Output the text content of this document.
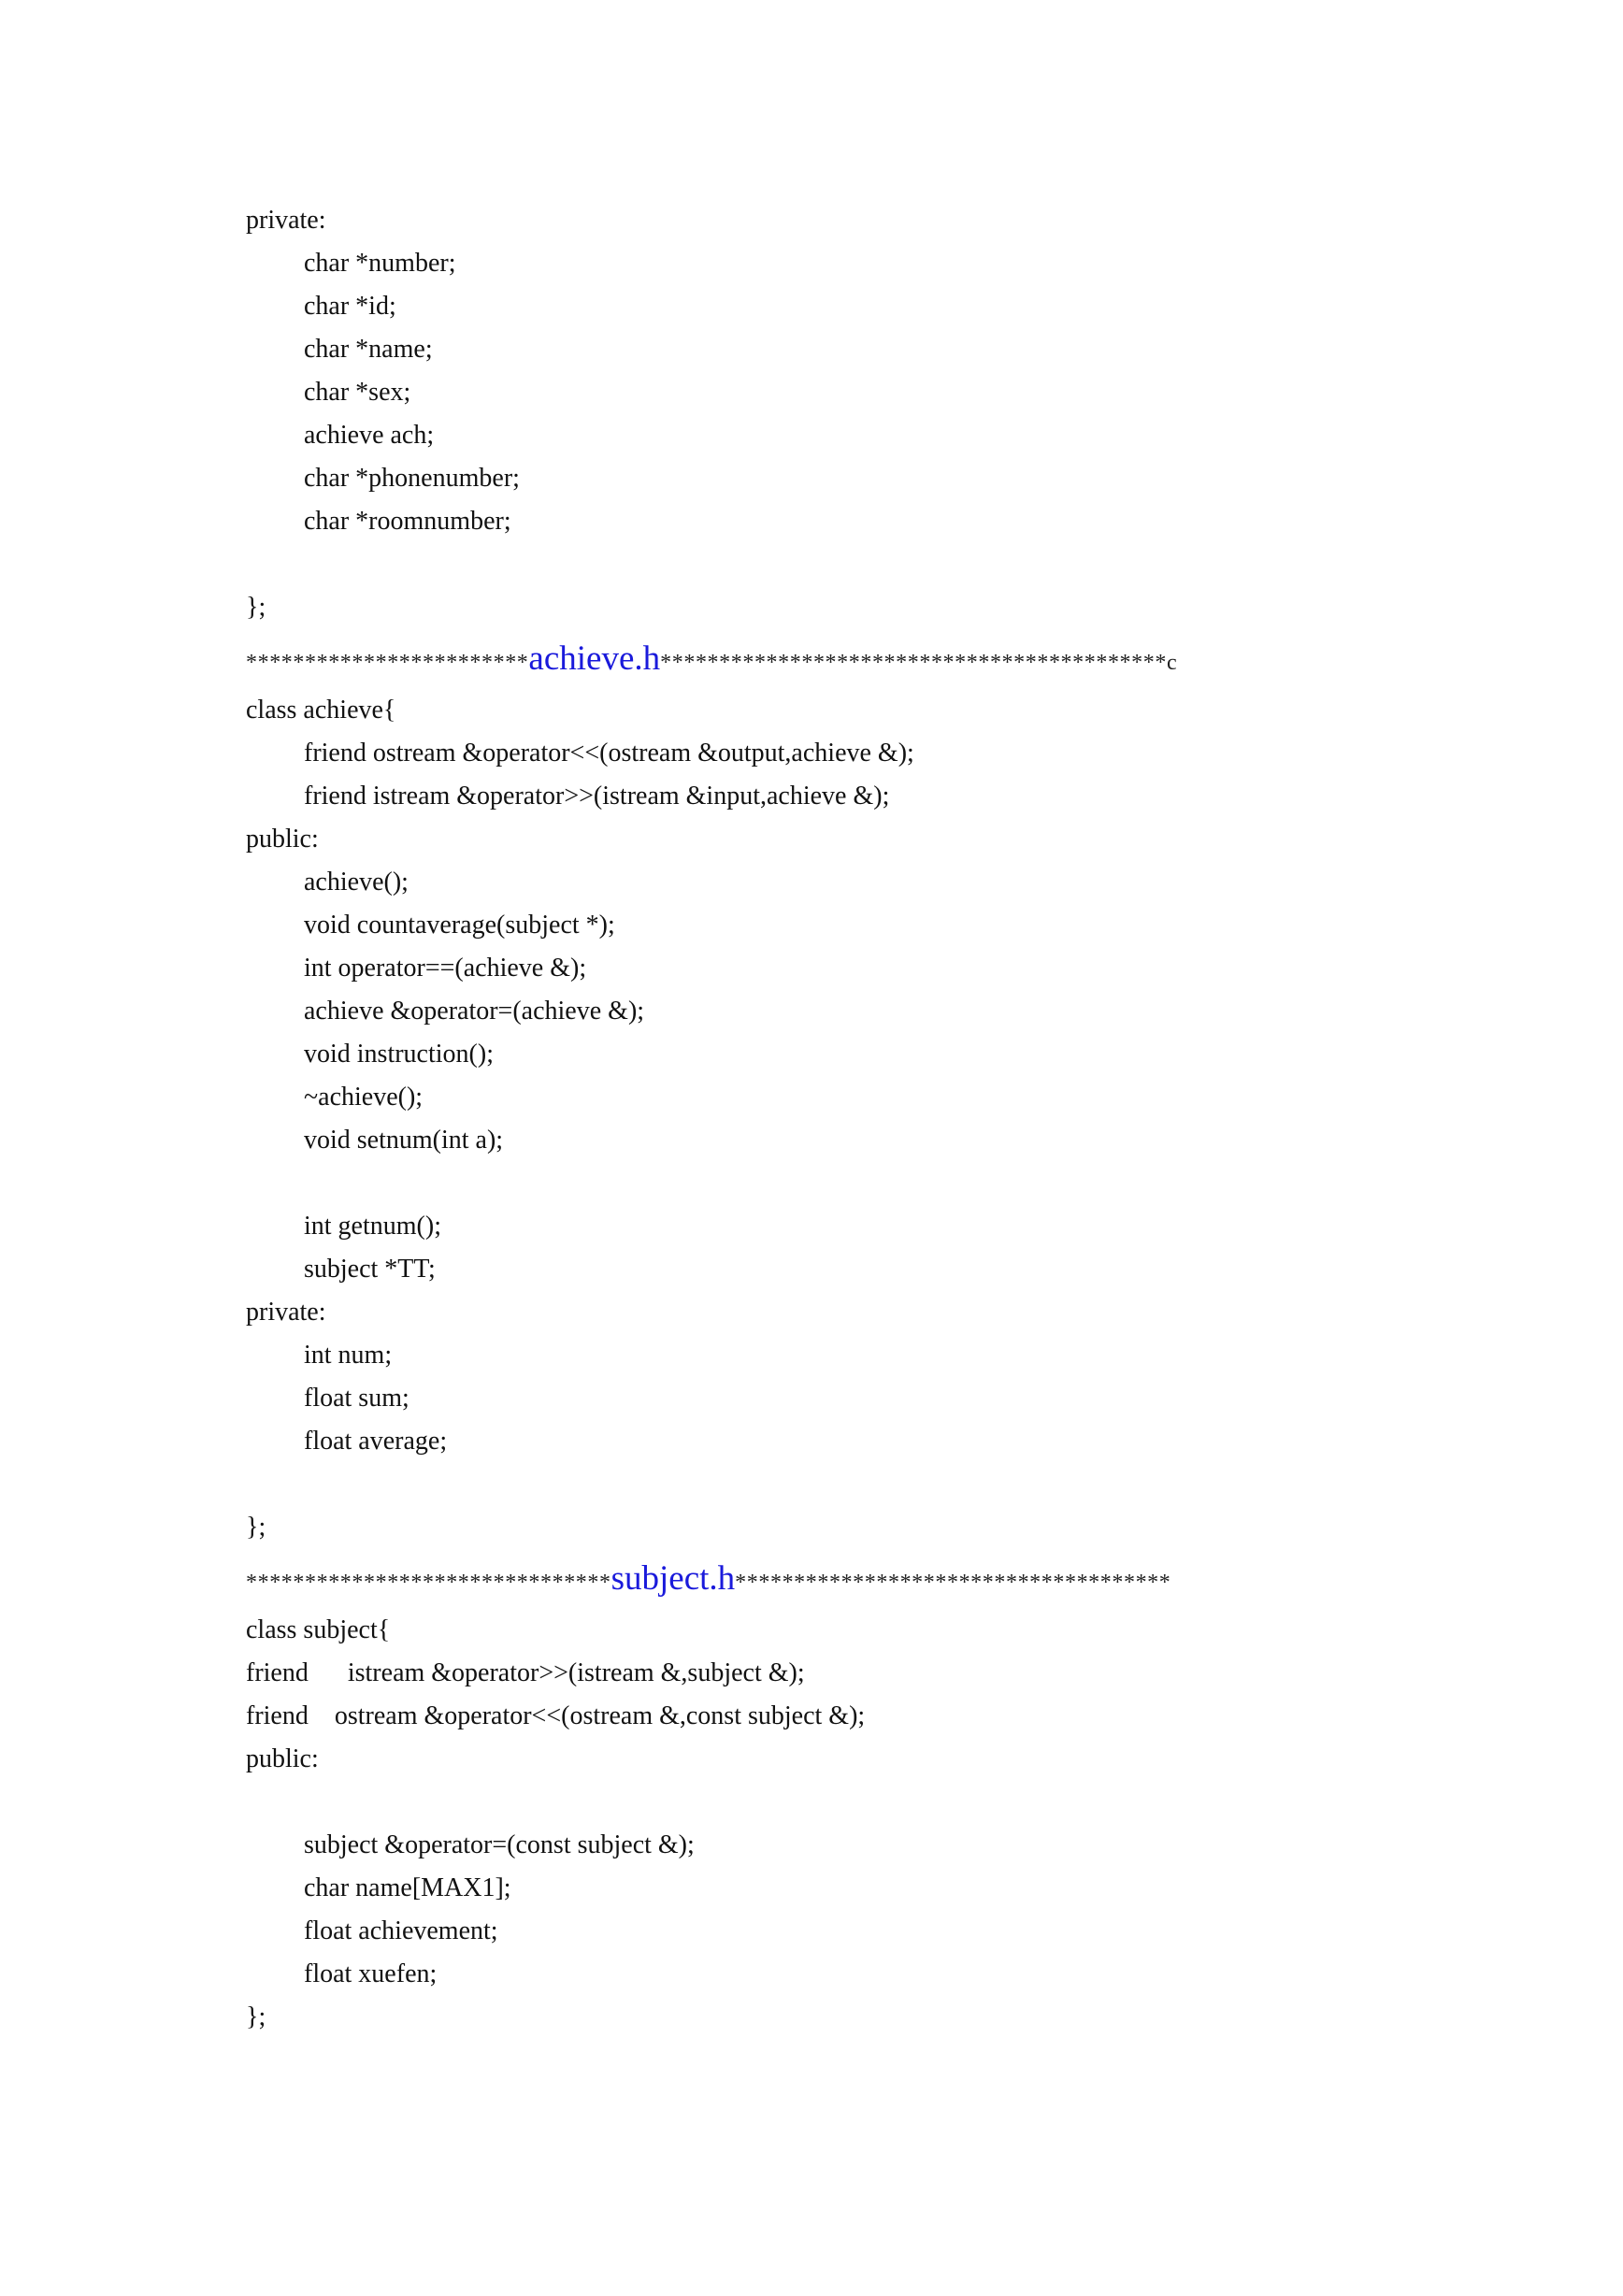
private:
char *number;
char *id;
char *name;
char *sex;
achieve ach;
char *phonenumber;
char *roomnumber;
};
************************achieve.h*******************************************c
class achieve{
friend ostream &operator<<(ostream &output,achieve &);
friend istream &operator>>(istream &input,achieve &);
public:
achieve();
void countaverage(subject *);
int operator==(achieve &);
achieve &operator=(achieve &);
void instruction();
~achieve();
void setnum(int a);
int getnum();
subject *TT;
private:
int num;
float sum;
float average;
};
*******************************subject.h*************************************
class subject{
friend      istream &operator>>(istream &,subject &);
friend    ostream &operator<<(ostream &,const subject &);
public:
subject &operator=(const subject &);
char name[MAX1];
float achievement;
float xuefen;
};
